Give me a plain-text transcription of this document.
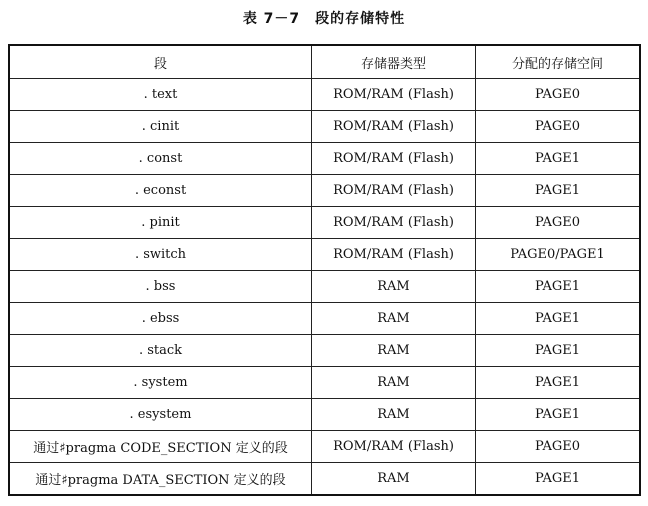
表 7－7　段的存储特性
段	存储器类型	分配的存储空间
. text	ROM/RAM (Flash)	PAGE0
. cinit	ROM/RAM (Flash)	PAGE0
. const	ROM/RAM (Flash)	PAGE1
. econst	ROM/RAM (Flash)	PAGE1
. pinit	ROM/RAM (Flash)	PAGE0
. switch	ROM/RAM (Flash)	PAGE0/PAGE1
. bss	RAM	PAGE1
. ebss	RAM	PAGE1
. stack	RAM	PAGE1
. system	RAM	PAGE1
. esystem	RAM	PAGE1
通过♯pragma CODE_SECTION 定义的段	ROM/RAM (Flash)	PAGE0
通过♯pragma DATA_SECTION 定义的段	RAM	PAGE1
